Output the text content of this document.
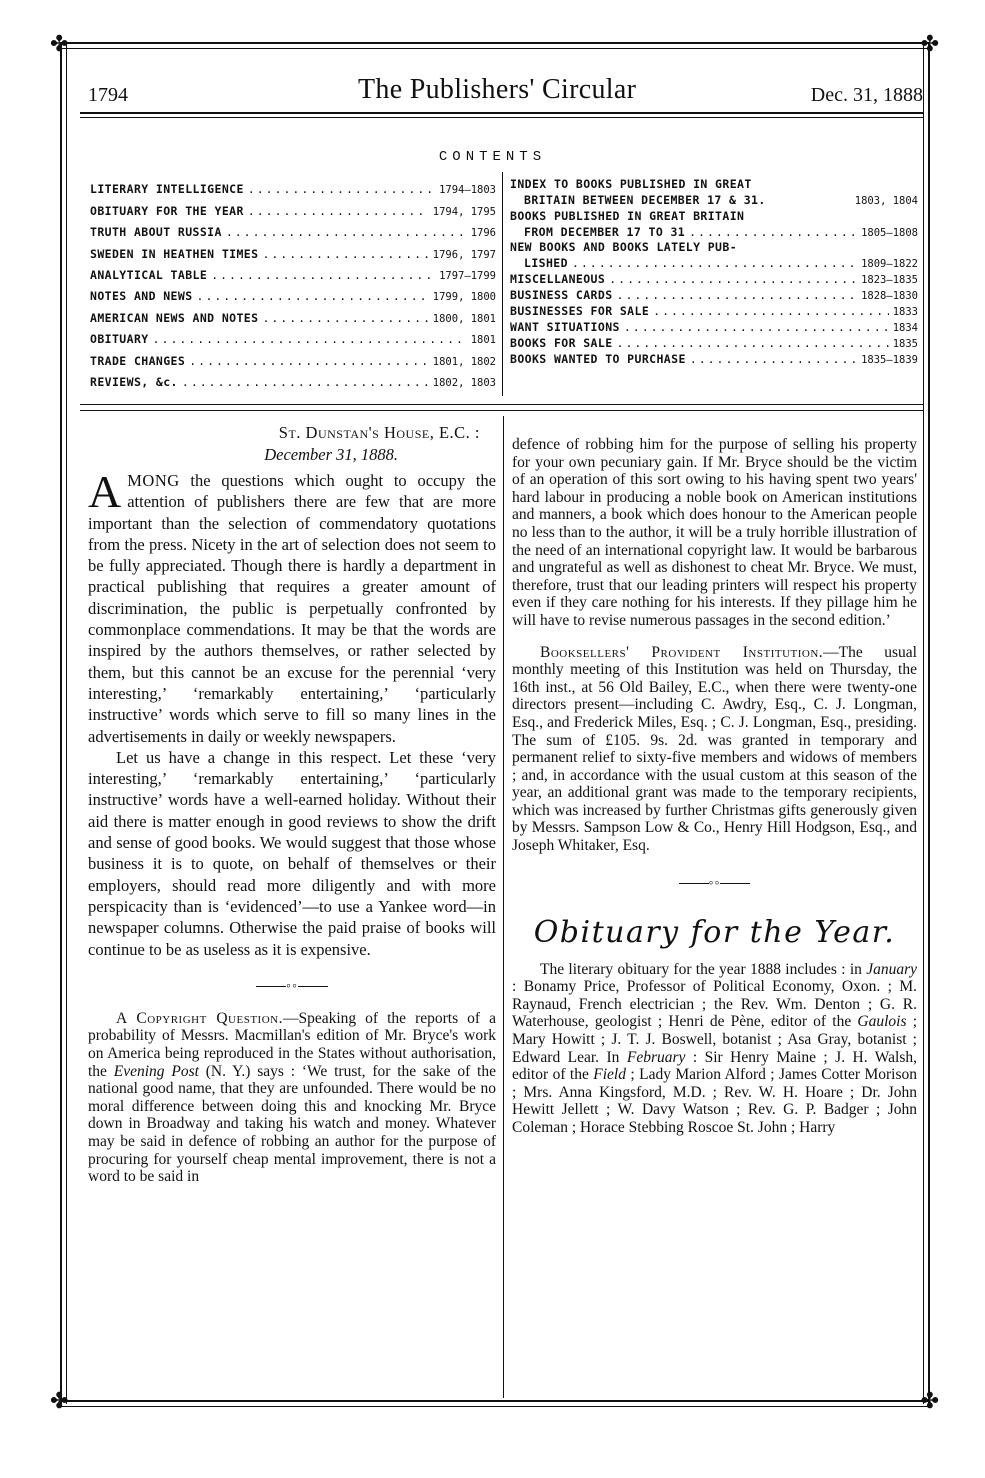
✤	✤
✤	✤
1794	The Publishers' Circular	Dec. 31, 1888
CONTENTS
LITERARY INTELLIGENCE .....	1794—1803
OBITUARY FOR THE YEAR .....	1794, 1795
TRUTH ABOUT RUSSIA .....	1796
SWEDEN IN HEATHEN TIMES .....	1796, 1797
ANALYTICAL TABLE .....	1797—1799
NOTES AND NEWS .....	1799, 1800
AMERICAN NEWS AND NOTES .....	1800, 1801
OBITUARY .....	1801
TRADE CHANGES .....	1801, 1802
REVIEWS, &c. .....	1802, 1803
INDEX TO BOOKS PUBLISHED IN GREAT
BRITAIN BETWEEN DECEMBER 17 & 31.	1803, 1804
BOOKS PUBLISHED IN GREAT BRITAIN
FROM DECEMBER 17 TO 31 .....	1805—1808
NEW BOOKS AND BOOKS LATELY PUB-
LISHED .....	1809—1822
MISCELLANEOUS .....	1823—1835
BUSINESS CARDS .....	1828—1830
BUSINESSES FOR SALE .....	1833
WANT SITUATIONS .....	1834
BOOKS FOR SALE .....	1835
BOOKS WANTED TO PURCHASE .....	1835—1839
St. Dunstan's House, E.C. :
December 31, 1888.

AMONG the questions which ought to occupy the attention of publishers there are few that are more important than the selection of commendatory quotations from the press. Nicety in the art of selection does not seem to be fully appreciated. Though there is hardly a department in practical publishing that requires a greater amount of discrimination, the public is perpetually confronted by commonplace commendations. It may be that the words are inspired by the authors themselves, or rather selected by them, but this cannot be an excuse for the perennial ‘very interesting,’ ‘remarkably entertaining,’ ‘particularly instructive’ words which serve to fill so many lines in the advertisements in daily or weekly newspapers.

Let us have a change in this respect. Let these ‘very interesting,’ ‘remarkably entertaining,’ ‘particularly instructive’ words have a well-earned holiday. Without their aid there is matter enough in good reviews to show the drift and sense of good books. We would suggest that those whose business it is to quote, on behalf of themselves or their employers, should read more diligently and with more perspicacity than is ‘evidenced’—to use a Yankee word—in newspaper columns. Otherwise the paid praise of books will continue to be as useless as it is expensive.

◦◦

A Copyright Question.—Speaking of the reports of a probability of Messrs. Macmillan's edition of Mr. Bryce's work on America being reproduced in the States without authorisation, the Evening Post (N. Y.) says : ‘We trust, for the sake of the national good name, that they are unfounded. There would be no moral difference between doing this and knocking Mr. Bryce down in Broadway and taking his watch and money. Whatever may be said in defence of robbing an author for the purpose of procuring for yourself cheap mental improvement, there is not a word to be said in

defence of robbing him for the purpose of selling his property for your own pecuniary gain. If Mr. Bryce should be the victim of an operation of this sort owing to his having spent two years' hard labour in producing a noble book on American institutions and manners, a book which does honour to the American people no less than to the author, it will be a truly horrible illustration of the need of an international copyright law. It would be barbarous and ungrateful as well as dishonest to cheat Mr. Bryce. We must, therefore, trust that our leading printers will respect his property even if they care nothing for his interests. If they pillage him he will have to revise numerous passages in the second edition.’

Booksellers' Provident Institution.—The usual monthly meeting of this Institution was held on Thursday, the 16th inst., at 56 Old Bailey, E.C., when there were twenty-one directors present—including C. Awdry, Esq., C. J. Longman, Esq., and Frederick Miles, Esq. ; C. J. Longman, Esq., presiding. The sum of £105. 9s. 2d. was granted in temporary and permanent relief to sixty-five members and widows of members ; and, in accordance with the usual custom at this season of the year, an additional grant was made to the temporary recipients, which was increased by further Christmas gifts generously given by Messrs. Sampson Low & Co., Henry Hill Hodgson, Esq., and Joseph Whitaker, Esq.

◦◦
Obituary for the Year.

The literary obituary for the year 1888 includes : in January : Bonamy Price, Professor of Political Economy, Oxon. ; M. Raynaud, French electrician ; the Rev. Wm. Denton ; G. R. Waterhouse, geologist ; Henri de Pène, editor of the Gaulois ; Mary Howitt ; J. T. J. Boswell, botanist ; Asa Gray, botanist ; Edward Lear. In February : Sir Henry Maine ; J. H. Walsh, editor of the Field ; Lady Marion Alford ; James Cotter Morison ; Mrs. Anna Kingsford, M.D. ; Rev. W. H. Hoare ; Dr. John Hewitt Jellett ; W. Davy Watson ; Rev. G. P. Badger ; John Coleman ; Horace Stebbing Roscoe St. John ; Harry
